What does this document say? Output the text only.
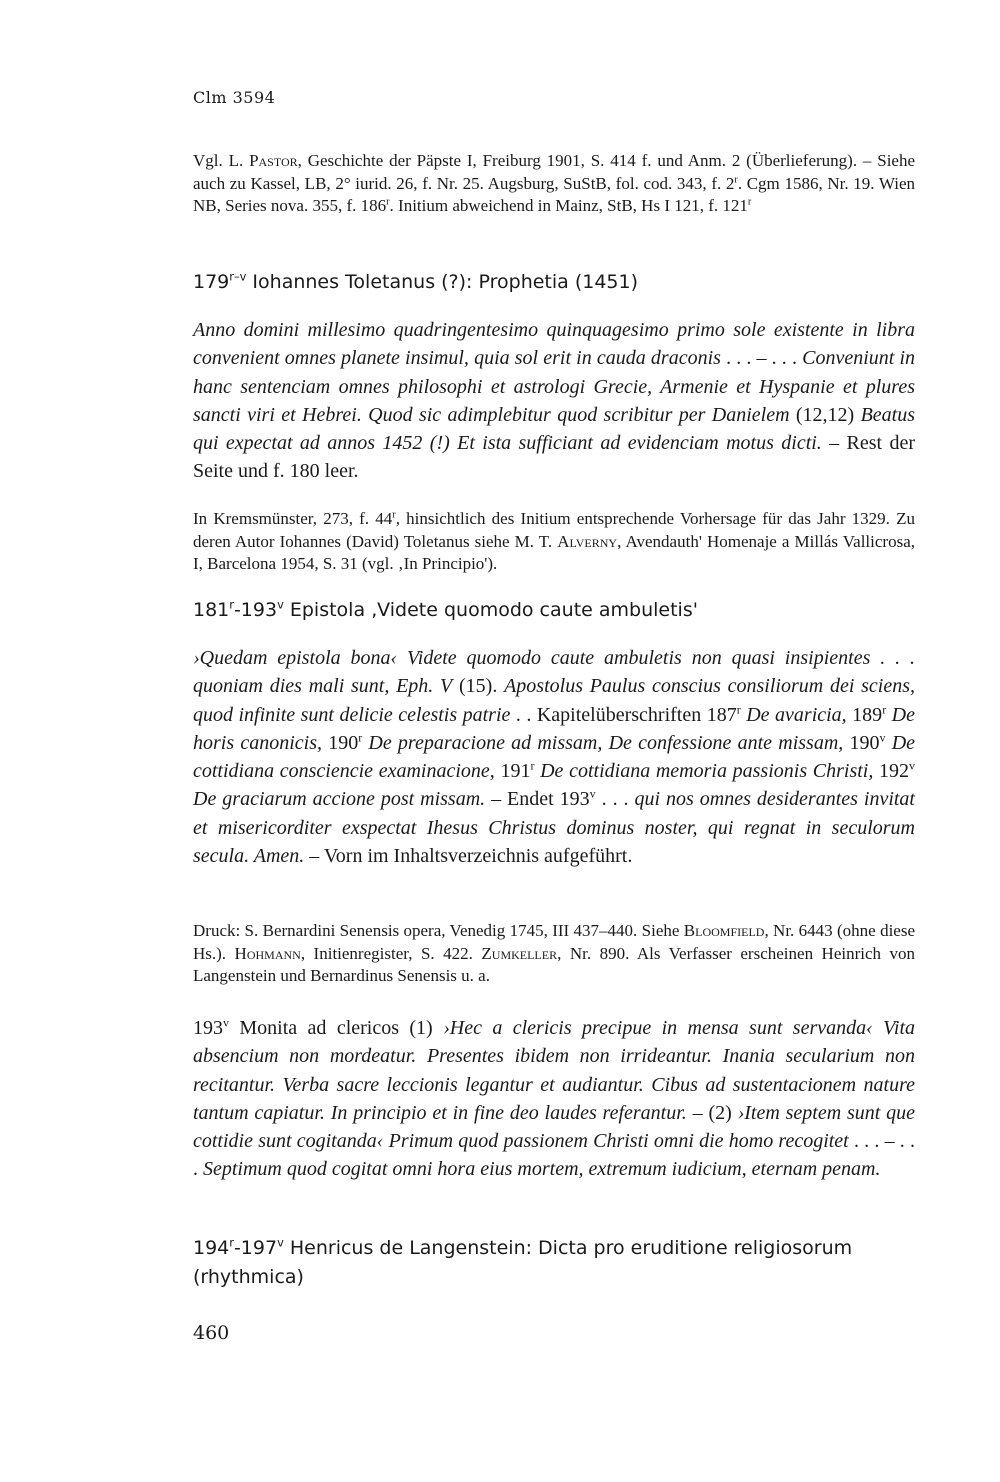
Clm 3594
Vgl. L. Pastor, Geschichte der Päpste I, Freiburg 1901, S. 414 f. und Anm. 2 (Überlieferung). – Siehe auch zu Kassel, LB, 2° iurid. 26, f. Nr. 25. Augsburg, SuStB, fol. cod. 343, f. 2$^r$. Cgm 1586, Nr. 19. Wien NB, Series nova. 355, f. 186$^r$. Initium abweichend in Mainz, StB, Hs I 121, f. 121$^r$
179$^{r-v}$ Iohannes Toletanus (?): Prophetia (1451)
Anno domini millesimo quadringentesimo quinquagesimo primo sole existente in libra convenient omnes planete insimul, quia sol erit in cauda draconis . . . – . . . Conveniunt in hanc sentenciam omnes philosophi et astrologi Grecie, Armenie et Hyspanie et plures sancti viri et Hebrei. Quod sic adimplebitur quod scribitur per Danielem (12,12) Beatus qui expectat ad annos 1452 (!) Et ista sufficiant ad evidenciam motus dicti. – Rest der Seite und f. 180 leer.
In Kremsmünster, 273, f. 44$^r$, hinsichtlich des Initium entsprechende Vorhersage für das Jahr 1329. Zu deren Autor Iohannes (David) Toletanus siehe M. T. Alverny, Avendauth' Homenaje a Millás Vallicrosa, I, Barcelona 1954, S. 31 (vgl. ‚In Principio').
181$^r$-193$^v$ Epistola ‚Videte quomodo caute ambuletis'
›Quedam epistola bona‹ Videte quomodo caute ambuletis non quasi insipientes . . . quoniam dies mali sunt, Eph. V (15). Apostolus Paulus conscius consiliorum dei sciens, quod infinite sunt delicie celestis patrie . . Kapitelüberschriften 187$^r$ De avaricia, 189$^r$ De horis canonicis, 190$^r$ De preparacione ad missam, De confessione ante missam, 190$^v$ De cottidiana consciencie examinacione, 191$^r$ De cottidiana memoria passionis Christi, 192$^v$ De graciarum accione post missam. – Endet 193$^v$ . . . qui nos omnes desiderantes invitat et misericorditer exspectat Ihesus Christus dominus noster, qui regnat in seculorum secula. Amen. – Vorn im Inhaltsverzeichnis aufgeführt.
Druck: S. Bernardini Senensis opera, Venedig 1745, III 437–440. Siehe Bloomfield, Nr. 6443 (ohne diese Hs.). Hohmann, Initienregister, S. 422. Zumkeller, Nr. 890. Als Verfasser erscheinen Heinrich von Langenstein und Bernardinus Senensis u. a.
193$^v$ Monita ad clericos (1) ›Hec a clericis precipue in mensa sunt servanda‹ Vita absencium non mordeatur. Presentes ibidem non irrideantur. Inania secularium non recitantur. Verba sacre leccionis legantur et audiantur. Cibus ad sustentacionem nature tantum capiatur. In principio et in fine deo laudes referantur. – (2) ›Item septem sunt que cottidie sunt cogitanda‹ Primum quod passionem Christi omni die homo recogitet . . . – . . . Septimum quod cogitat omni hora eius mortem, extremum iudicium, eternam penam.
194$^r$-197$^v$ Henricus de Langenstein: Dicta pro eruditione religiosorum (rhythmica)
460
